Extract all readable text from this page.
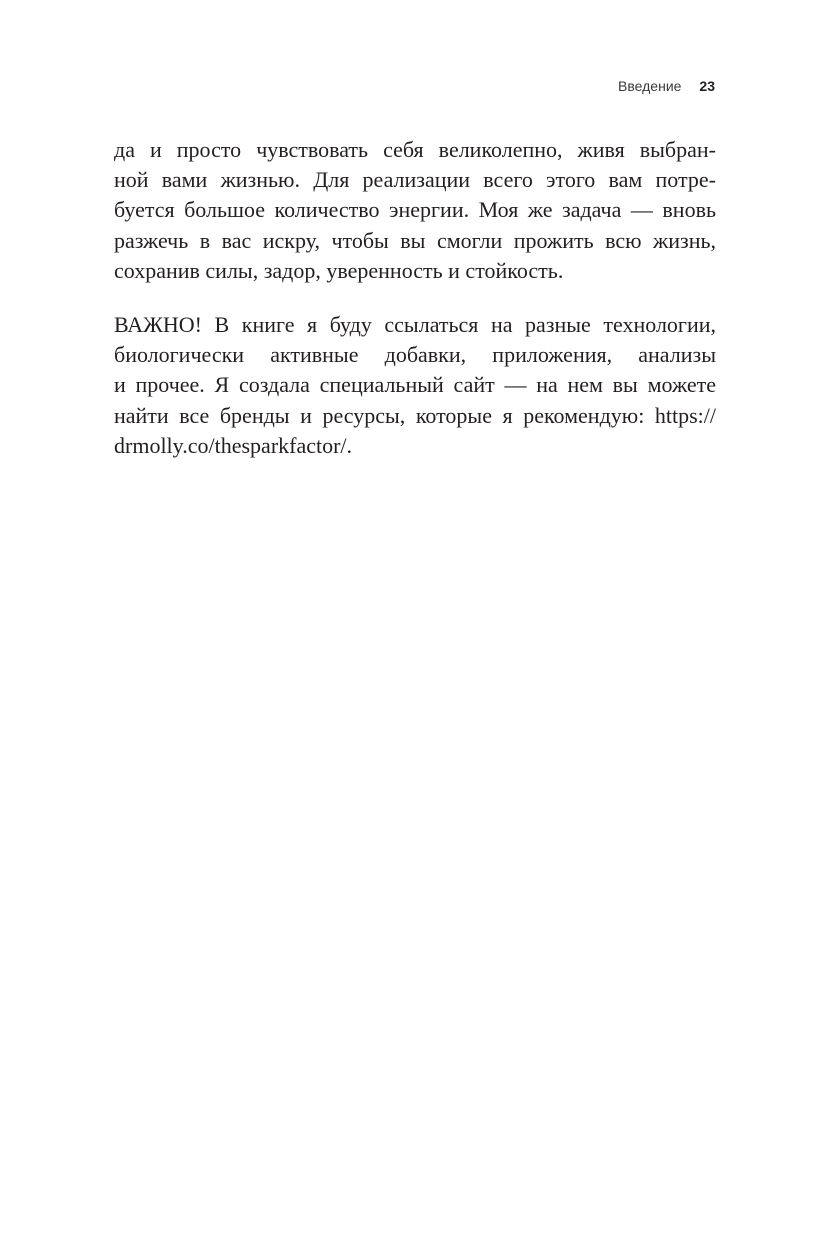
Введение 23
да и просто чувствовать себя великолепно, живя выбран-
ной вами жизнью. Для реализации всего этого вам потре-
буется большое количество энергии. Моя же задача — вновь
разжечь в вас искру, чтобы вы смогли прожить всю жизнь,
сохранив силы, задор, уверенность и стойкость.
ВАЖНО! В книге я буду ссылаться на разные технологии,
биологически активные добавки, приложения, анализы
и прочее. Я создала специальный сайт — на нем вы можете
найти все бренды и ресурсы, которые я рекомендую: https://
drmolly.co/thesparkfactor/.
